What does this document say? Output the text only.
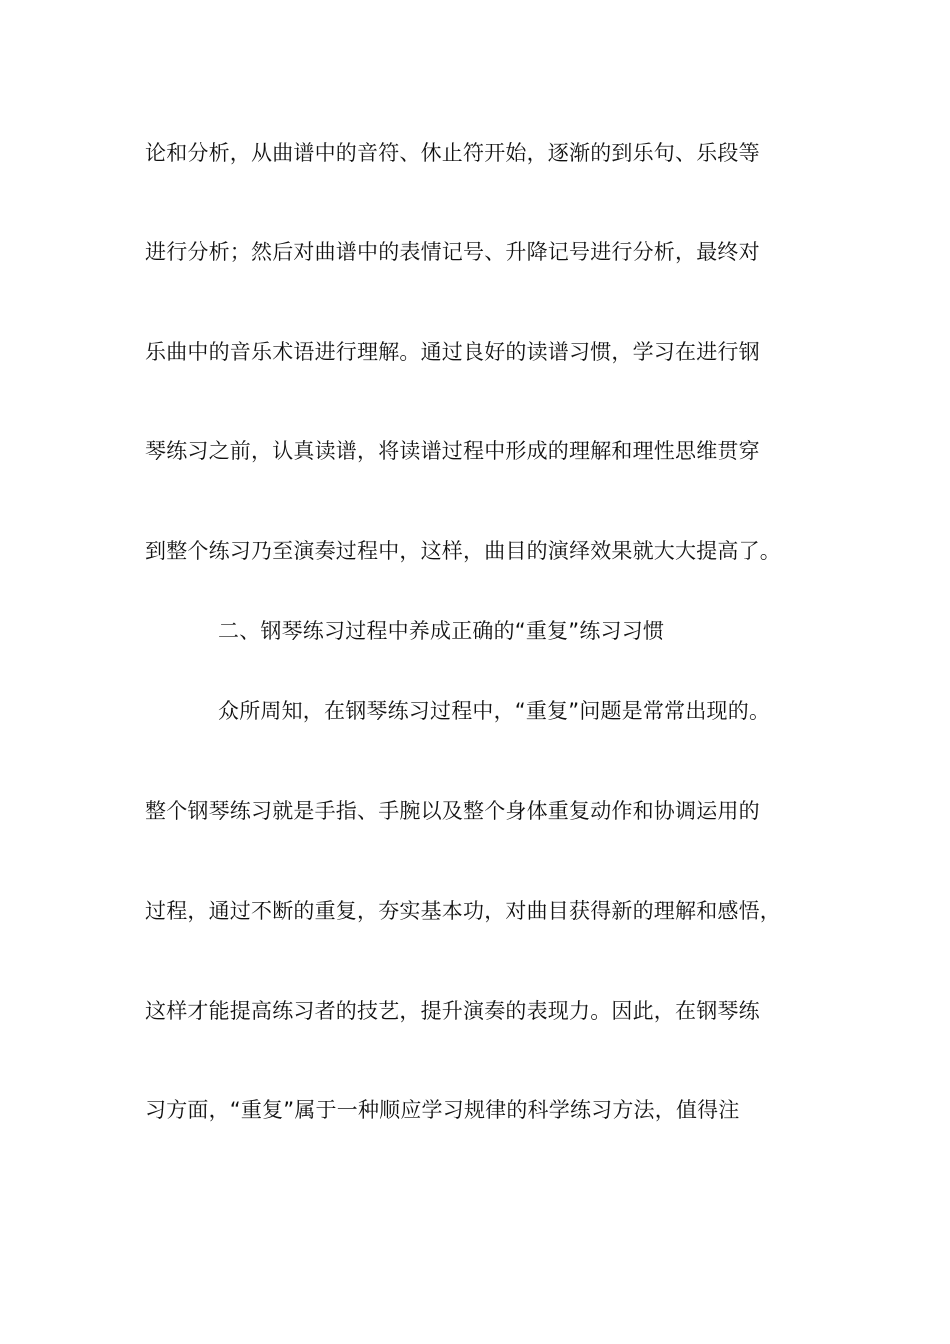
论和分析，从曲谱中的音符、休止符开始，逐渐的到乐句、乐段等
进行分析；然后对曲谱中的表情记号、升降记号进行分析，最终对
乐曲中的音乐术语进行理解。通过良好的读谱习惯，学习在进行钢
琴练习之前，认真读谱，将读谱过程中形成的理解和理性思维贯穿
到整个练习乃至演奏过程中，这样，曲目的演绎效果就大大提高了。
二、钢琴练习过程中养成正确的“重复”练习习惯
众所周知，在钢琴练习过程中，“重复”问题是常常出现的。
整个钢琴练习就是手指、手腕以及整个身体重复动作和协调运用的
过程，通过不断的重复，夯实基本功，对曲目获得新的理解和感悟，
这样才能提高练习者的技艺，提升演奏的表现力。因此，在钢琴练
习方面，“重复”属于一种顺应学习规律的科学练习方法，值得注
